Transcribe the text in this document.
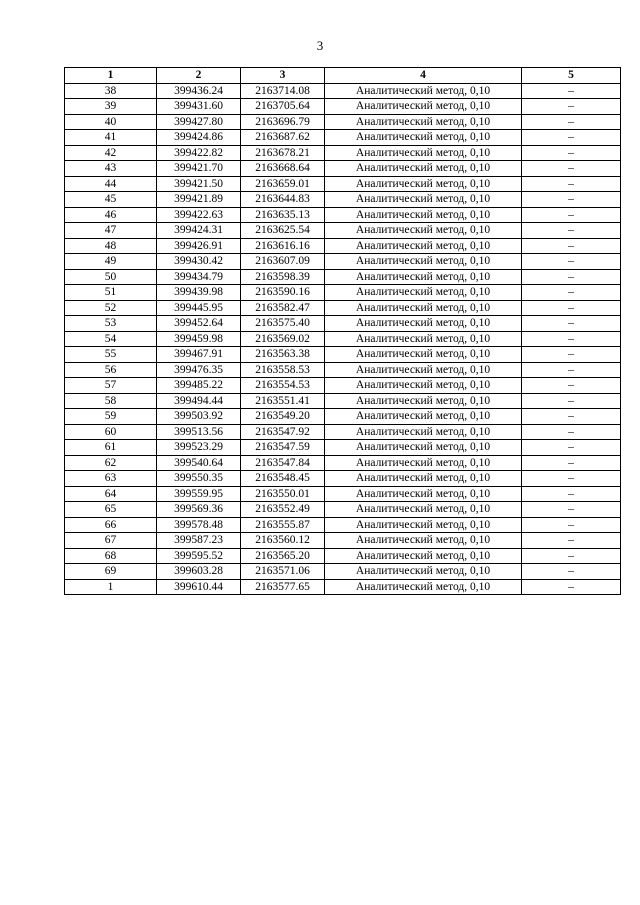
3
1	2	3	4	5
38	399436.24	2163714.08	Аналитический метод, 0,10	–
39	399431.60	2163705.64	Аналитический метод, 0,10	–
40	399427.80	2163696.79	Аналитический метод, 0,10	–
41	399424.86	2163687.62	Аналитический метод, 0,10	–
42	399422.82	2163678.21	Аналитический метод, 0,10	–
43	399421.70	2163668.64	Аналитический метод, 0,10	–
44	399421.50	2163659.01	Аналитический метод, 0,10	–
45	399421.89	2163644.83	Аналитический метод, 0,10	–
46	399422.63	2163635.13	Аналитический метод, 0,10	–
47	399424.31	2163625.54	Аналитический метод, 0,10	–
48	399426.91	2163616.16	Аналитический метод, 0,10	–
49	399430.42	2163607.09	Аналитический метод, 0,10	–
50	399434.79	2163598.39	Аналитический метод, 0,10	–
51	399439.98	2163590.16	Аналитический метод, 0,10	–
52	399445.95	2163582.47	Аналитический метод, 0,10	–
53	399452.64	2163575.40	Аналитический метод, 0,10	–
54	399459.98	2163569.02	Аналитический метод, 0,10	–
55	399467.91	2163563.38	Аналитический метод, 0,10	–
56	399476.35	2163558.53	Аналитический метод, 0,10	–
57	399485.22	2163554.53	Аналитический метод, 0,10	–
58	399494.44	2163551.41	Аналитический метод, 0,10	–
59	399503.92	2163549.20	Аналитический метод, 0,10	–
60	399513.56	2163547.92	Аналитический метод, 0,10	–
61	399523.29	2163547.59	Аналитический метод, 0,10	–
62	399540.64	2163547.84	Аналитический метод, 0,10	–
63	399550.35	2163548.45	Аналитический метод, 0,10	–
64	399559.95	2163550.01	Аналитический метод, 0,10	–
65	399569.36	2163552.49	Аналитический метод, 0,10	–
66	399578.48	2163555.87	Аналитический метод, 0,10	–
67	399587.23	2163560.12	Аналитический метод, 0,10	–
68	399595.52	2163565.20	Аналитический метод, 0,10	–
69	399603.28	2163571.06	Аналитический метод, 0,10	–
1	399610.44	2163577.65	Аналитический метод, 0,10	–
